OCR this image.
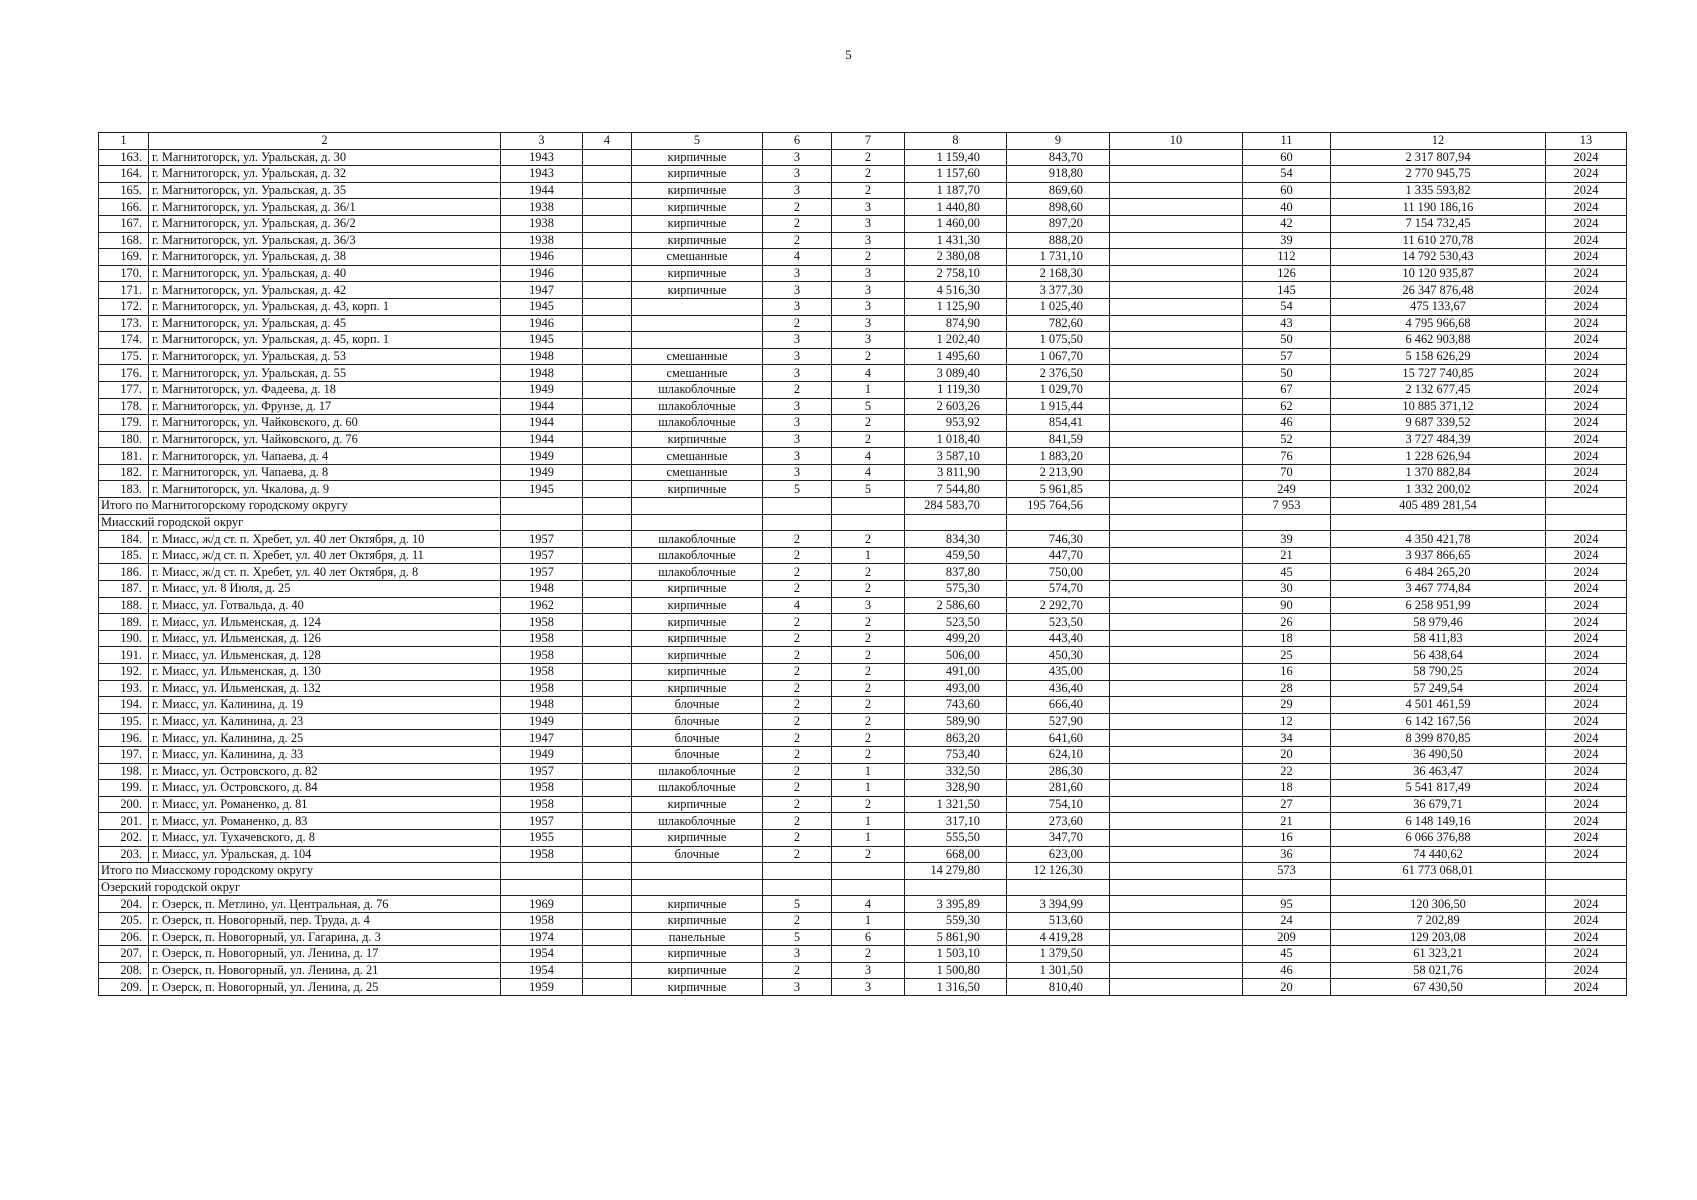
5
1	2	3	4	5	6	7	8	9	10	11	12	13
163.	г. Магнитогорск, ул. Уральская, д. 30	1943		кирпичные	3	2	1 159,40	843,70		60	2 317 807,94	2024
164.	г. Магнитогорск, ул. Уральская, д. 32	1943		кирпичные	3	2	1 157,60	918,80		54	2 770 945,75	2024
165.	г. Магнитогорск, ул. Уральская, д. 35	1944		кирпичные	3	2	1 187,70	869,60		60	1 335 593,82	2024
166.	г. Магнитогорск, ул. Уральская, д. 36/1	1938		кирпичные	2	3	1 440,80	898,60		40	11 190 186,16	2024
167.	г. Магнитогорск, ул. Уральская, д. 36/2	1938		кирпичные	2	3	1 460,00	897,20		42	7 154 732,45	2024
168.	г. Магнитогорск, ул. Уральская, д. 36/3	1938		кирпичные	2	3	1 431,30	888,20		39	11 610 270,78	2024
169.	г. Магнитогорск, ул. Уральская, д. 38	1946		смешанные	4	2	2 380,08	1 731,10		112	14 792 530,43	2024
170.	г. Магнитогорск, ул. Уральская, д. 40	1946		кирпичные	3	3	2 758,10	2 168,30		126	10 120 935,87	2024
171.	г. Магнитогорск, ул. Уральская, д. 42	1947		кирпичные	3	3	4 516,30	3 377,30		145	26 347 876,48	2024
172.	г. Магнитогорск, ул. Уральская, д. 43, корп. 1	1945			3	3	1 125,90	1 025,40		54	475 133,67	2024
173.	г. Магнитогорск, ул. Уральская, д. 45	1946			2	3	874,90	782,60		43	4 795 966,68	2024
174.	г. Магнитогорск, ул. Уральская, д. 45, корп. 1	1945			3	3	1 202,40	1 075,50		50	6 462 903,88	2024
175.	г. Магнитогорск, ул. Уральская, д. 53	1948		смешанные	3	2	1 495,60	1 067,70		57	5 158 626,29	2024
176.	г. Магнитогорск, ул. Уральская, д. 55	1948		смешанные	3	4	3 089,40	2 376,50		50	15 727 740,85	2024
177.	г. Магнитогорск, ул. Фадеева, д. 18	1949		шлакоблочные	2	1	1 119,30	1 029,70		67	2 132 677,45	2024
178.	г. Магнитогорск, ул. Фрунзе, д. 17	1944		шлакоблочные	3	5	2 603,26	1 915,44		62	10 885 371,12	2024
179.	г. Магнитогорск, ул. Чайковского, д. 60	1944		шлакоблочные	3	2	953,92	854,41		46	9 687 339,52	2024
180.	г. Магнитогорск, ул. Чайковского, д. 76	1944		кирпичные	3	2	1 018,40	841,59		52	3 727 484,39	2024
181.	г. Магнитогорск, ул. Чапаева, д. 4	1949		смешанные	3	4	3 587,10	1 883,20		76	1 228 626,94	2024
182.	г. Магнитогорск, ул. Чапаева, д. 8	1949		смешанные	3	4	3 811,90	2 213,90		70	1 370 882,84	2024
183.	г. Магнитогорск, ул. Чкалова, д. 9	1945		кирпичные	5	5	7 544,80	5 961,85		249	1 332 200,02	2024
Итого по Магнитогорскому городскому округу							284 583,70	195 764,56		7 953	405 489 281,54	
Миасский городской округ												
184.	г. Миасс, ж/д ст. п. Хребет, ул. 40 лет Октября, д. 10	1957		шлакоблочные	2	2	834,30	746,30		39	4 350 421,78	2024
185.	г. Миасс, ж/д ст. п. Хребет, ул. 40 лет Октября, д. 11	1957		шлакоблочные	2	1	459,50	447,70		21	3 937 866,65	2024
186.	г. Миасс, ж/д ст. п. Хребет, ул. 40 лет Октября, д. 8	1957		шлакоблочные	2	2	837,80	750,00		45	6 484 265,20	2024
187.	г. Миасс, ул. 8 Июля, д. 25	1948		кирпичные	2	2	575,30	574,70		30	3 467 774,84	2024
188.	г. Миасс, ул. Готвальда, д. 40	1962		кирпичные	4	3	2 586,60	2 292,70		90	6 258 951,99	2024
189.	г. Миасс, ул. Ильменская, д. 124	1958		кирпичные	2	2	523,50	523,50		26	58 979,46	2024
190.	г. Миасс, ул. Ильменская, д. 126	1958		кирпичные	2	2	499,20	443,40		18	58 411,83	2024
191.	г. Миасс, ул. Ильменская, д. 128	1958		кирпичные	2	2	506,00	450,30		25	56 438,64	2024
192.	г. Миасс, ул. Ильменская, д. 130	1958		кирпичные	2	2	491,00	435,00		16	58 790,25	2024
193.	г. Миасс, ул. Ильменская, д. 132	1958		кирпичные	2	2	493,00	436,40		28	57 249,54	2024
194.	г. Миасс, ул. Калинина, д. 19	1948		блочные	2	2	743,60	666,40		29	4 501 461,59	2024
195.	г. Миасс, ул. Калинина, д. 23	1949		блочные	2	2	589,90	527,90		12	6 142 167,56	2024
196.	г. Миасс, ул. Калинина, д. 25	1947		блочные	2	2	863,20	641,60		34	8 399 870,85	2024
197.	г. Миасс, ул. Калинина, д. 33	1949		блочные	2	2	753,40	624,10		20	36 490,50	2024
198.	г. Миасс, ул. Островского, д. 82	1957		шлакоблочные	2	1	332,50	286,30		22	36 463,47	2024
199.	г. Миасс, ул. Островского, д. 84	1958		шлакоблочные	2	1	328,90	281,60		18	5 541 817,49	2024
200.	г. Миасс, ул. Романенко, д. 81	1958		кирпичные	2	2	1 321,50	754,10		27	36 679,71	2024
201.	г. Миасс, ул. Романенко, д. 83	1957		шлакоблочные	2	1	317,10	273,60		21	6 148 149,16	2024
202.	г. Миасс, ул. Тухачевского, д. 8	1955		кирпичные	2	1	555,50	347,70		16	6 066 376,88	2024
203.	г. Миасс, ул. Уральская, д. 104	1958		блочные	2	2	668,00	623,00		36	74 440,62	2024
Итого по Миасскому городскому округу							14 279,80	12 126,30		573	61 773 068,01	
Озерский городской округ												
204.	г. Озерск, п. Метлино, ул. Центральная, д. 76	1969		кирпичные	5	4	3 395,89	3 394,99		95	120 306,50	2024
205.	г. Озерск, п. Новогорный, пер. Труда, д. 4	1958		кирпичные	2	1	559,30	513,60		24	7 202,89	2024
206.	г. Озерск, п. Новогорный, ул. Гагарина, д. 3	1974		панельные	5	6	5 861,90	4 419,28		209	129 203,08	2024
207.	г. Озерск, п. Новогорный, ул. Ленина, д. 17	1954		кирпичные	3	2	1 503,10	1 379,50		45	61 323,21	2024
208.	г. Озерск, п. Новогорный, ул. Ленина, д. 21	1954		кирпичные	2	3	1 500,80	1 301,50		46	58 021,76	2024
209.	г. Озерск, п. Новогорный, ул. Ленина, д. 25	1959		кирпичные	3	3	1 316,50	810,40		20	67 430,50	2024
